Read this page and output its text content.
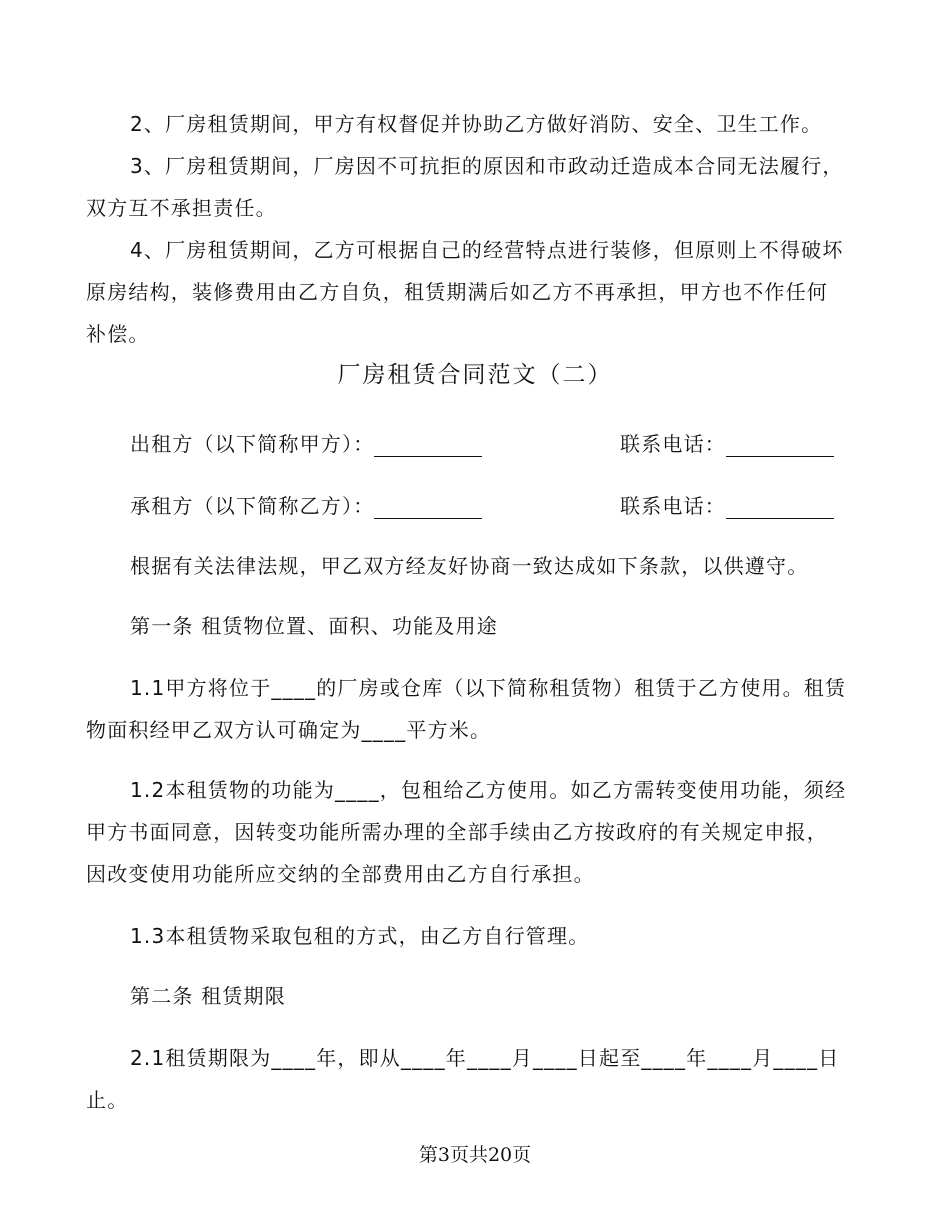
2、厂房租赁期间，甲方有权督促并协助乙方做好消防、安全、卫生工作。

3、厂房租赁期间，厂房因不可抗拒的原因和市政动迁造成本合同无法履行，

双方互不承担责任。

4、厂房租赁期间，乙方可根据自己的经营特点进行装修，但原则上不得破坏

原房结构，装修费用由乙方自负，租赁期满后如乙方不再承担，甲方也不作任何

补偿。

厂房租赁合同范文（二）
出租方（以下简称甲方）：	联系电话：
承租方（以下简称乙方）：	联系电话：

根据有关法律法规，甲乙双方经友好协商一致达成如下条款，以供遵守。

第一条 租赁物位置、面积、功能及用途

1.1甲方将位于____的厂房或仓库（以下简称租赁物）租赁于乙方使用。租赁

物面积经甲乙双方认可确定为____平方米。

1.2本租赁物的功能为____，包租给乙方使用。如乙方需转变使用功能，须经

甲方书面同意，因转变功能所需办理的全部手续由乙方按政府的有关规定申报，

因改变使用功能所应交纳的全部费用由乙方自行承担。

1.3本租赁物采取包租的方式，由乙方自行管理。

第二条 租赁期限

2.1租赁期限为____年，即从____年____月____日起至____年____月____日

止。

第3页共20页
